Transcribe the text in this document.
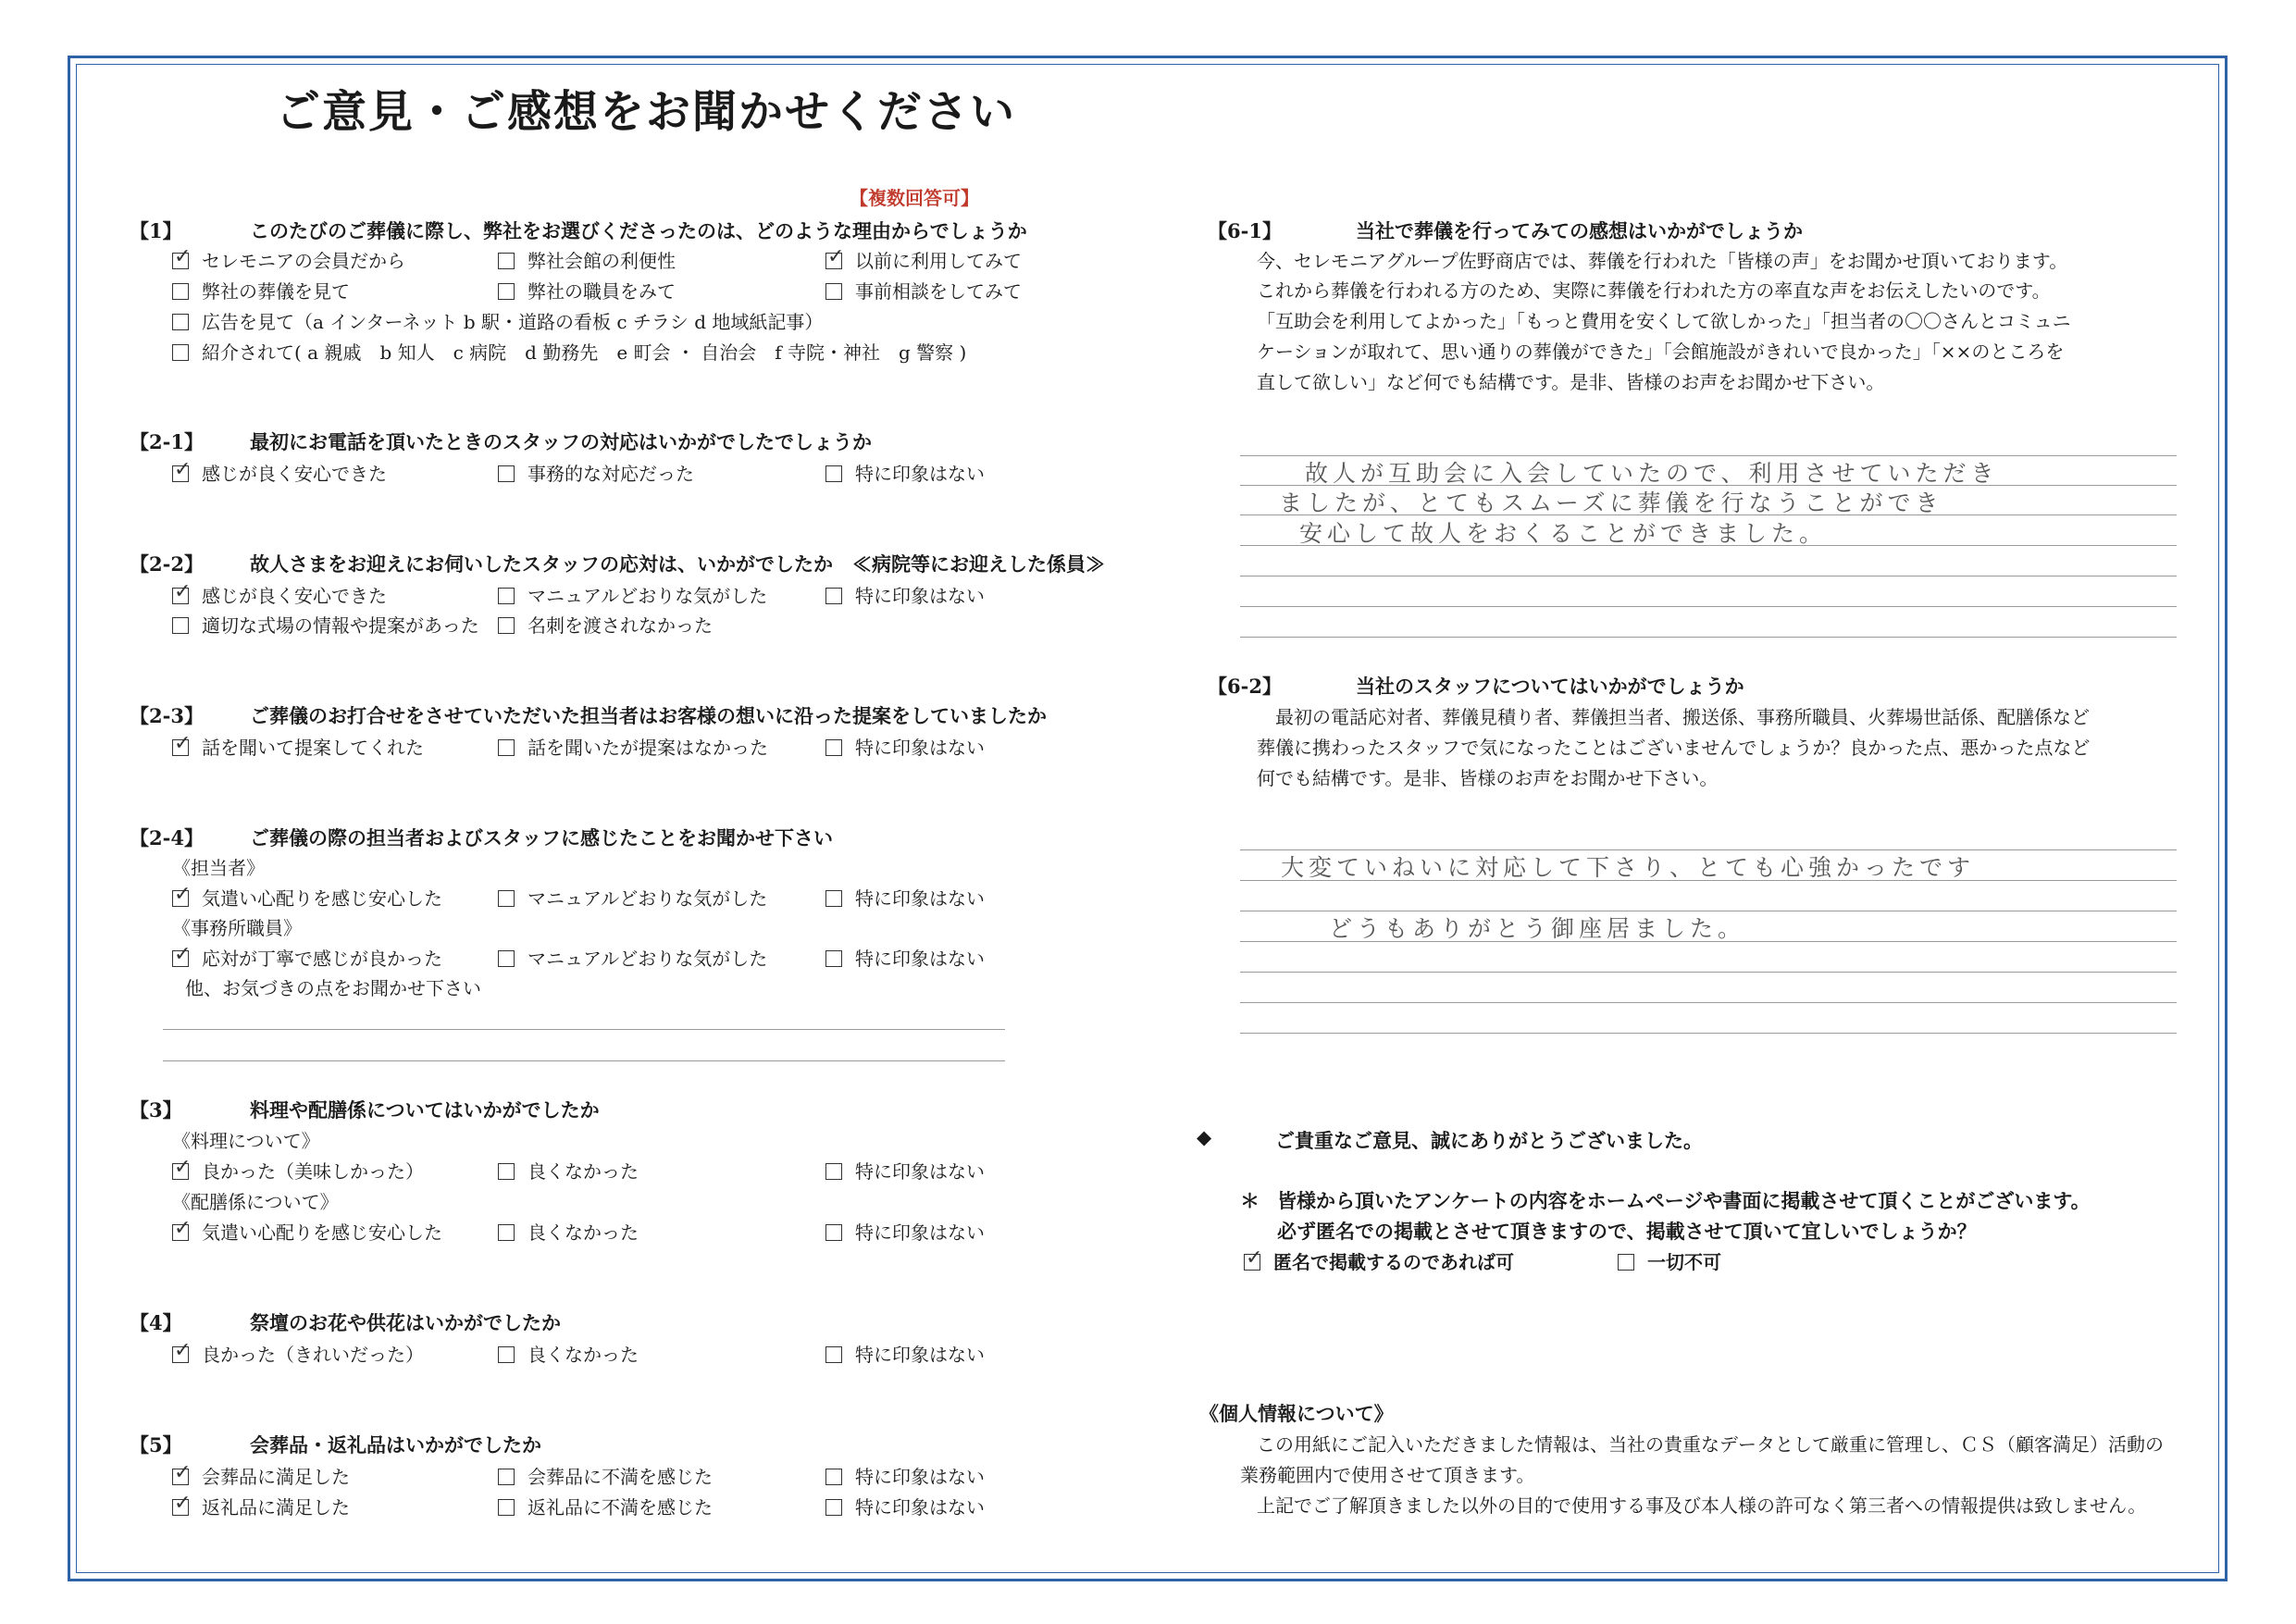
ご意見・ご感想をお聞かせください
【複数回答可】
【1】	このたびのご葬儀に際し、弊社をお選びくださったのは、どのような理由からでしょうか
✓セレモニアの会員だから	弊社会館の利便性
✓	以前に利用してみて
弊社の葬儀を見て	弊社の職員をみて	事前相談をしてみて
広告を見て（a インターネット b 駅・道路の看板 c チラシ d 地域紙記事）
紹介されて( a 親戚　b 知人　c 病院　d 勤務先　e 町会 ・ 自治会　f 寺院・神社　g 警察 )
【2-1】 最初にお電話を頂いたときのスタッフの対応はいかがでしたでしょうか
✓感じが良く安心できた	事務的な対応だった	特に印象はない
【2-2】 故人さまをお迎えにお伺いしたスタッフの応対は、いかがでしたか　≪病院等にお迎えした係員≫
✓感じが良く安心できた	マニュアルどおりな気がした	特に印象はない
適切な式場の情報や提案があった	名刺を渡されなかった
【2-3】 ご葬儀のお打合せをさせていただいた担当者はお客様の想いに沿った提案をしていましたか
✓話を聞いて提案してくれた	話を聞いたが提案はなかった	特に印象はない
【2-4】 ご葬儀の際の担当者およびスタッフに感じたことをお聞かせ下さい
《担当者》
✓気遣い心配りを感じ安心した	マニュアルどおりな気がした	特に印象はない
《事務所職員》
✓応対が丁寧で感じが良かった	マニュアルどおりな気がした	特に印象はない
他、お気づきの点をお聞かせ下さい
【3】	料理や配膳係についてはいかがでしたか
《料理について》
✓良かった（美味しかった）	良くなかった	特に印象はない
《配膳係について》
✓気遣い心配りを感じ安心した	良くなかった	特に印象はない
【4】	祭壇のお花や供花はいかがでしたか
✓良かった（きれいだった）	良くなかった	特に印象はない
【5】	会葬品・返礼品はいかがでしたか
✓会葬品に満足した	会葬品に不満を感じた	特に印象はない
✓返礼品に満足した	返礼品に不満を感じた	特に印象はない
【6-1】	当社で葬儀を行ってみての感想はいかがでしょうか
今、セレモニアグループ佐野商店では、葬儀を行われた「皆様の声」をお聞かせ頂いております。
これから葬儀を行われる方のため、実際に葬儀を行われた方の率直な声をお伝えしたいのです。
「互助会を利用してよかった」「もっと費用を安くして欲しかった」「担当者の〇〇さんとコミュニ
ケーションが取れて、思い通りの葬儀ができた」「会館施設がきれいで良かった」「××のところを
直して欲しい」など何でも結構です。是非、皆様のお声をお聞かせ下さい。
故人が互助会に入会していたので、利用させていただき
ましたが、とてもスムーズに葬儀を行なうことができ
安心して故人をおくることができました。
【6-2】	当社のスタッフについてはいかがでしょうか
最初の電話応対者、葬儀見積り者、葬儀担当者、搬送係、事務所職員、火葬場世話係、配膳係など
葬儀に携わったスタッフで気になったことはございませんでしょうか？良かった点、悪かった点など
何でも結構です。是非、皆様のお声をお聞かせ下さい。
大変ていねいに対応して下さり、とても心強かったです
どうもありがとう御座居ました。
◆	ご貴重なご意見、誠にありがとうございました。
＊ 皆様から頂いたアンケートの内容をホームページや書面に掲載させて頂くことがございます。
必ず匿名での掲載とさせて頂きますので、掲載させて頂いて宜しいでしょうか？
✓匿名で掲載するのであれば可	一切不可
《個人情報について》
この用紙にご記入いただきました情報は、当社の貴重なデータとして厳重に管理し、ＣＳ（顧客満足）活動の
業務範囲内で使用させて頂きます。
上記でご了解頂きました以外の目的で使用する事及び本人様の許可なく第三者への情報提供は致しません。
